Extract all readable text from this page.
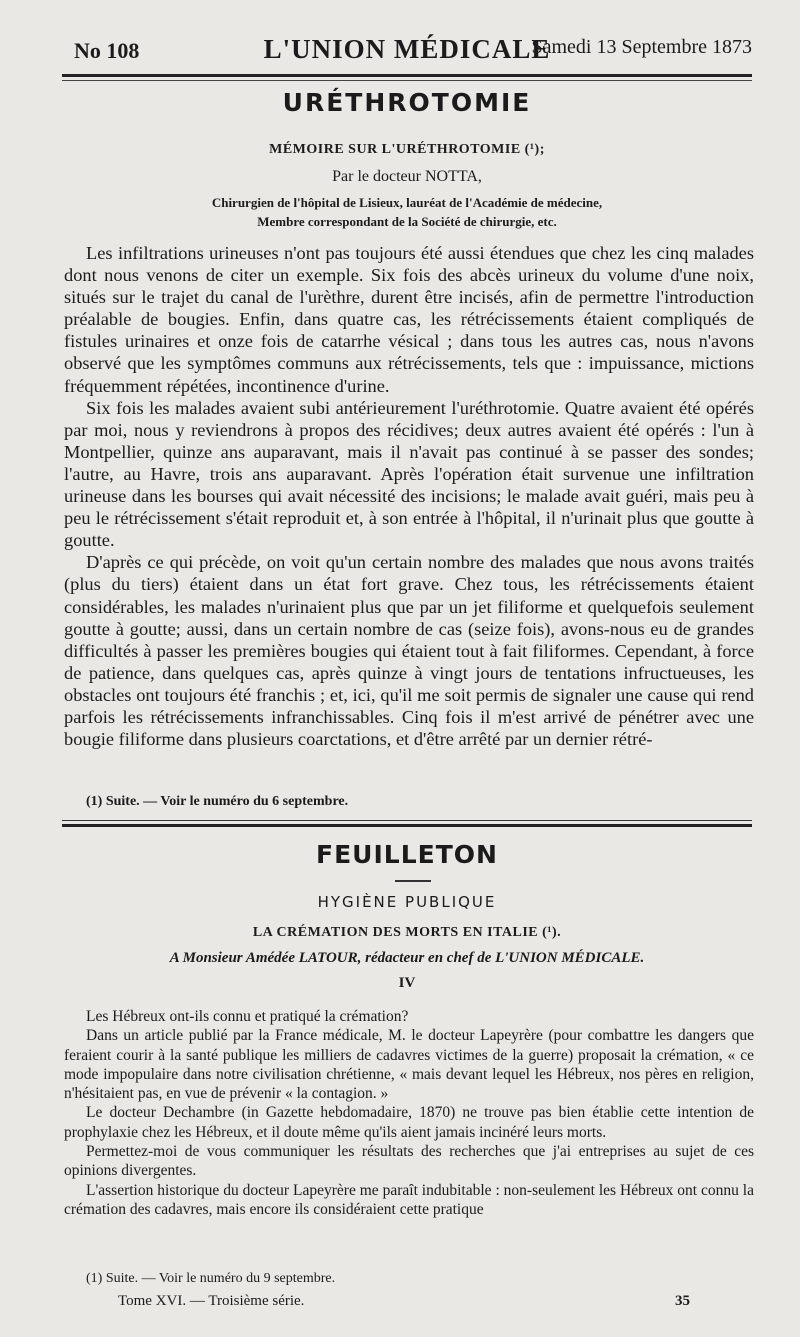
No 108	L'UNION MÉDICALE
Samedi 13 Septembre 1873
URÉTHROTOMIE
MÉMOIRE SUR L'URÉTHROTOMIE (¹);
Par le docteur NOTTA,
Chirurgien de l'hôpital de Lisieux, lauréat de l'Académie de médecine,
Membre correspondant de la Société de chirurgie, etc.

Les infiltrations urineuses n'ont pas toujours été aussi étendues que chez les cinq malades dont nous venons de citer un exemple. Six fois des abcès urineux du volume d'une noix, situés sur le trajet du canal de l'urèthre, durent être incisés, afin de permettre l'introduction préalable de bougies. Enfin, dans quatre cas, les rétrécissements étaient compliqués de fistules urinaires et onze fois de catarrhe vésical ; dans tous les autres cas, nous n'avons observé que les symptômes communs aux rétrécissements, tels que : impuissance, mictions fréquemment répétées, incontinence d'urine.

Six fois les malades avaient subi antérieurement l'uréthrotomie. Quatre avaient été opérés par moi, nous y reviendrons à propos des récidives; deux autres avaient été opérés : l'un à Montpellier, quinze ans auparavant, mais il n'avait pas continué à se passer des sondes; l'autre, au Havre, trois ans auparavant. Après l'opération était survenue une infiltration urineuse dans les bourses qui avait nécessité des incisions; le malade avait guéri, mais peu à peu le rétrécissement s'était reproduit et, à son entrée à l'hôpital, il n'urinait plus que goutte à goutte.

D'après ce qui précède, on voit qu'un certain nombre des malades que nous avons traités (plus du tiers) étaient dans un état fort grave. Chez tous, les rétrécissements étaient considérables, les malades n'urinaient plus que par un jet filiforme et quelquefois seulement goutte à goutte; aussi, dans un certain nombre de cas (seize fois), avons-nous eu de grandes difficultés à passer les premières bougies qui étaient tout à fait filiformes. Cependant, à force de patience, dans quelques cas, après quinze à vingt jours de tentations infructueuses, les obstacles ont toujours été franchis ; et, ici, qu'il me soit permis de signaler une cause qui rend parfois les rétrécissements infranchissables. Cinq fois il m'est arrivé de pénétrer avec une bougie filiforme dans plusieurs coarctations, et d'être arrêté par un dernier rétré-

(1) Suite. — Voir le numéro du 6 septembre.
FEUILLETON
HYGIÈNE PUBLIQUE
LA CRÉMATION DES MORTS EN ITALIE (¹).
A Monsieur Amédée LATOUR, rédacteur en chef de L'UNION MÉDICALE.
IV

Les Hébreux ont-ils connu et pratiqué la crémation?

Dans un article publié par la France médicale, M. le docteur Lapeyrère (pour combattre les dangers que feraient courir à la santé publique les milliers de cadavres victimes de la guerre) proposait la crémation, « ce mode impopulaire dans notre civilisation chrétienne, « mais devant lequel les Hébreux, nos pères en religion, n'hésitaient pas, en vue de prévenir « la contagion. »

Le docteur Dechambre (in Gazette hebdomadaire, 1870) ne trouve pas bien établie cette intention de prophylaxie chez les Hébreux, et il doute même qu'ils aient jamais incinéré leurs morts.

Permettez-moi de vous communiquer les résultats des recherches que j'ai entreprises au sujet de ces opinions divergentes.

L'assertion historique du docteur Lapeyrère me paraît indubitable : non-seulement les Hébreux ont connu la crémation des cadavres, mais encore ils considéraient cette pratique

(1) Suite. — Voir le numéro du 9 septembre.
Tome XVI. — Troisième série.	35
